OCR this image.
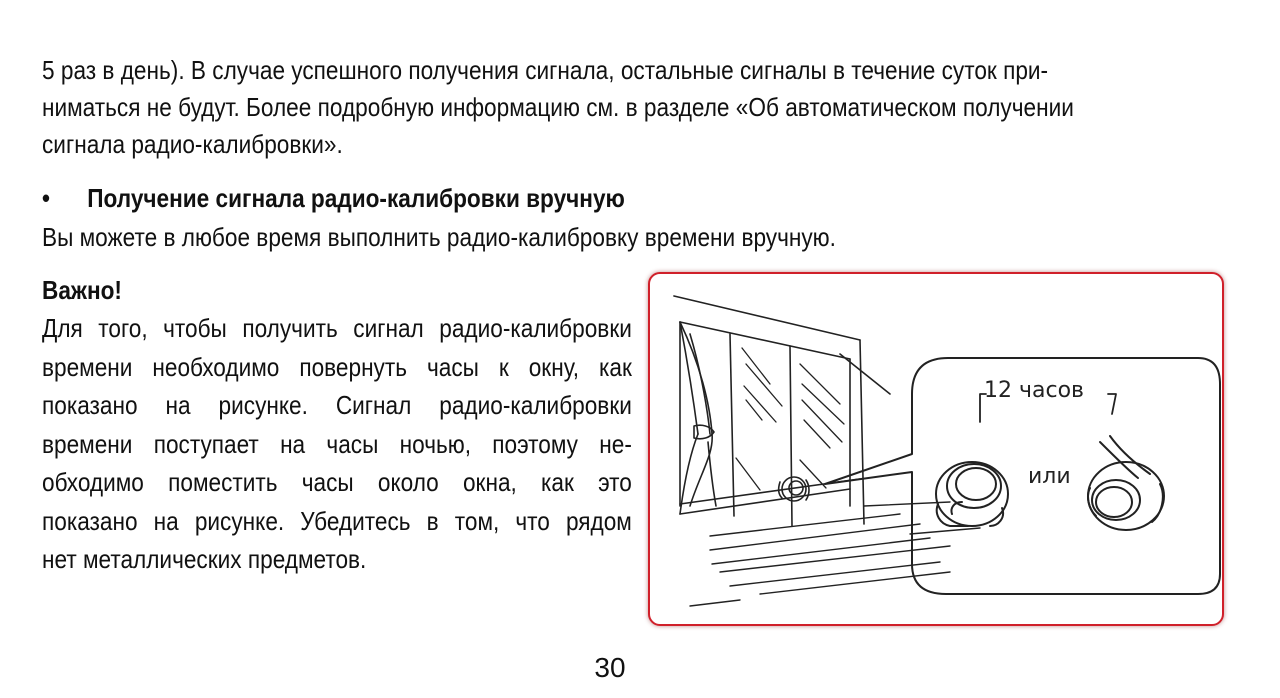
5 раз в день). В случае успешного получения сигнала, остальные сигналы в течение суток при-
ниматься не будут. Более подробную информацию см. в разделе «Об автоматическом получении
сигнала радио-калибровки».
• Получение сигнала радио-калибровки вручную
Вы можете в любое время выполнить радио-калибровку времени вручную.
Важно!
Для того, чтобы получить сигнал радио-калибровки
времени необходимо повернуть часы к окну, как
показано на рисунке. Сигнал радио-калибровки
времени поступает на часы ночью, поэтому не-
обходимо поместить часы около окна, как это
показано на рисунке. Убедитесь в том, что рядом
нет металлических предметов.
12 часов
или
30
